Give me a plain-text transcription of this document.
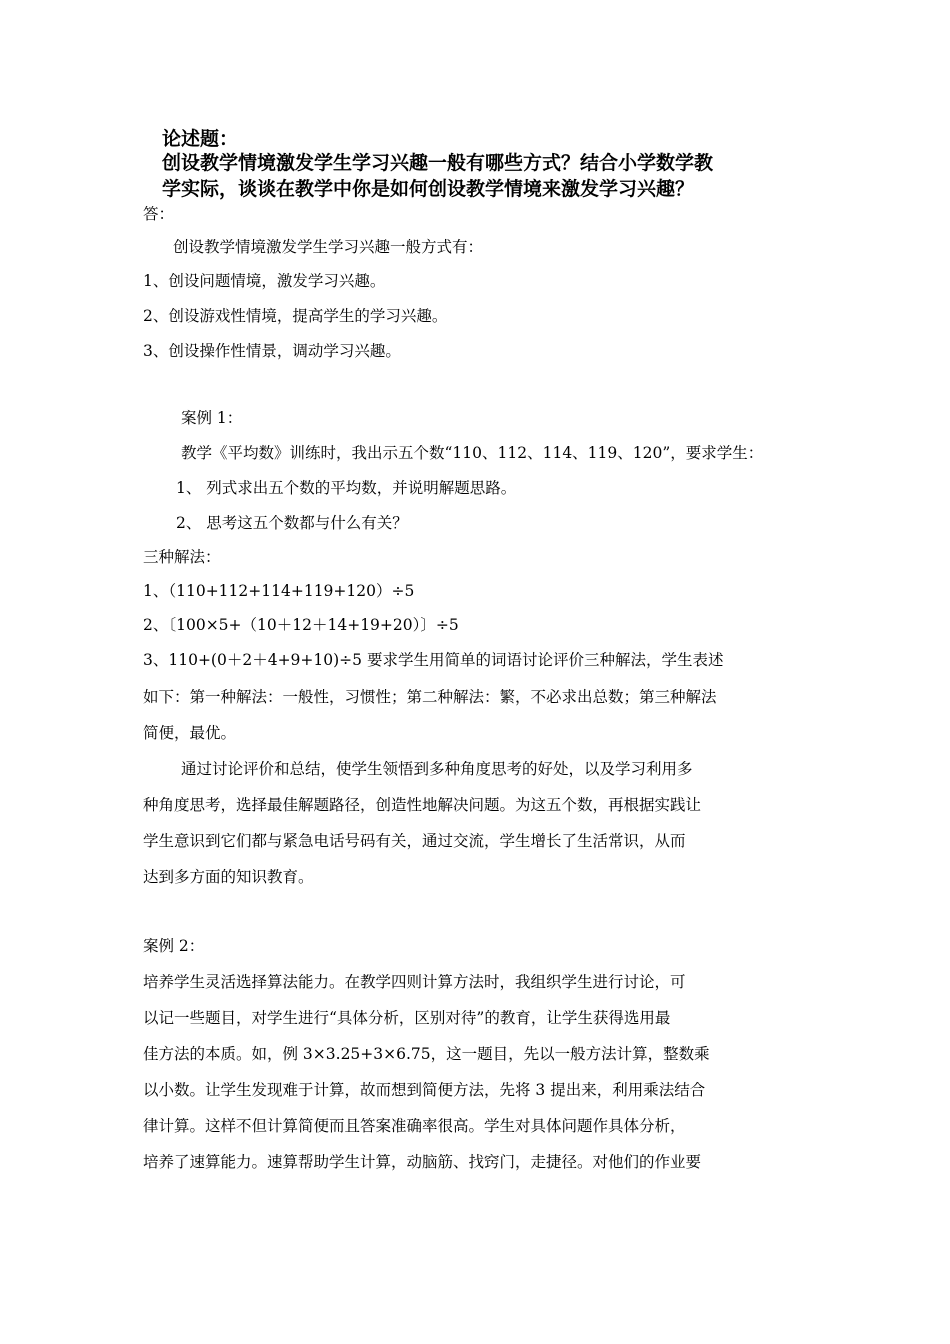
论述题：
创设教学情境激发学生学习兴趣一般有哪些方式？结合小学数学教
学实际，谈谈在教学中你是如何创设教学情境来激发学习兴趣？
答：
创设教学情境激发学生学习兴趣一般方式有：
1、创设问题情境，激发学习兴趣。
2、创设游戏性情境，提高学生的学习兴趣。
3、创设操作性情景，调动学习兴趣。
案例 1：
教学《平均数》训练时，我出示五个数“110、112、114、119、120”，要求学生：
1、 列式求出五个数的平均数，并说明解题思路。
2、 思考这五个数都与什么有关？
三种解法：
1、（110+112+114+119+120）÷5
2、〔100×5+（10＋12＋14+19+20）〕÷5
3、110+(0＋2＋4+9+10)÷5 要求学生用简单的词语讨论评价三种解法，学生表述
如下：第一种解法：一般性，习惯性；第二种解法：繁，不必求出总数；第三种解法
简便，最优。
通过讨论评价和总结，使学生领悟到多种角度思考的好处，以及学习利用多
种角度思考，选择最佳解题路径，创造性地解决问题。为这五个数，再根据实践让
学生意识到它们都与紧急电话号码有关，通过交流，学生增长了生活常识，从而
达到多方面的知识教育。
案例 2：
培养学生灵活选择算法能力。在教学四则计算方法时，我组织学生进行讨论，可
以记一些题目，对学生进行“具体分析，区别对待”的教育，让学生获得选用最
佳方法的本质。如，例 3×3.25+3×6.75，这一题目，先以一般方法计算，整数乘
以小数。让学生发现难于计算，故而想到简便方法，先将 3 提出来，利用乘法结合
律计算。这样不但计算简便而且答案准确率很高。学生对具体问题作具体分析，
培养了速算能力。速算帮助学生计算，动脑筋、找窍门，走捷径。对他们的作业要
